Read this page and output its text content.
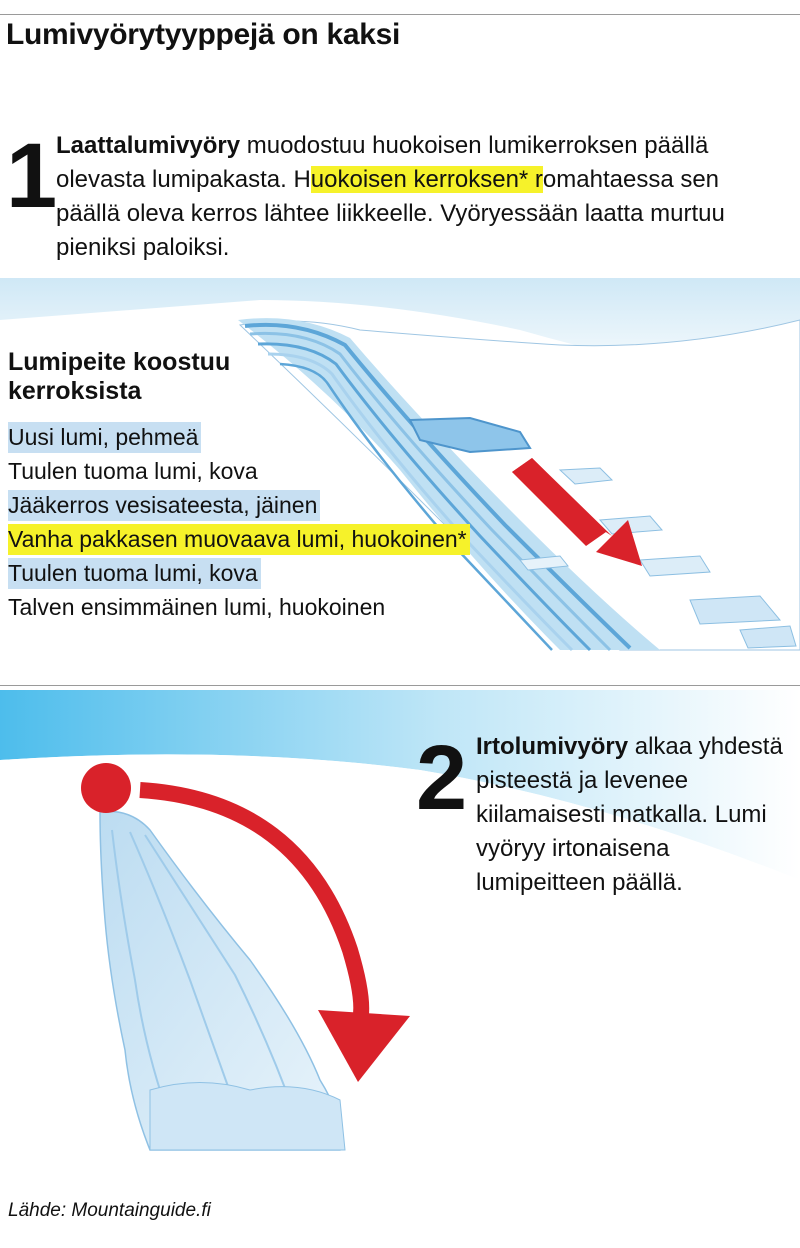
Lumivyörytyyppejä on kaksi
1 Laattalumivyöry muodostuu huokoisen lumikerroksen päällä olevasta lumipakasta. Huokoisen kerroksen* romahtaessa sen päällä oleva kerros lähtee liikkeelle. Vyöryessään laatta murtuu pieniksi paloiksi.
Lumipeite koostuu kerroksista
Uusi lumi, pehmeä
Tuulen tuoma lumi, kova
Jääkerros vesisateesta, jäinen
Vanha pakkasen muovaava lumi, huokoinen*
Tuulen tuoma lumi, kova
Talven ensimmäinen lumi, huokoinen
2 Irtolumivyöry alkaa yhdestä pisteestä ja levenee kiilamaisesti matkalla. Lumi vyöryy irtonaisena lumipeitteen päällä.
Lähde: Mountainguide.fi
